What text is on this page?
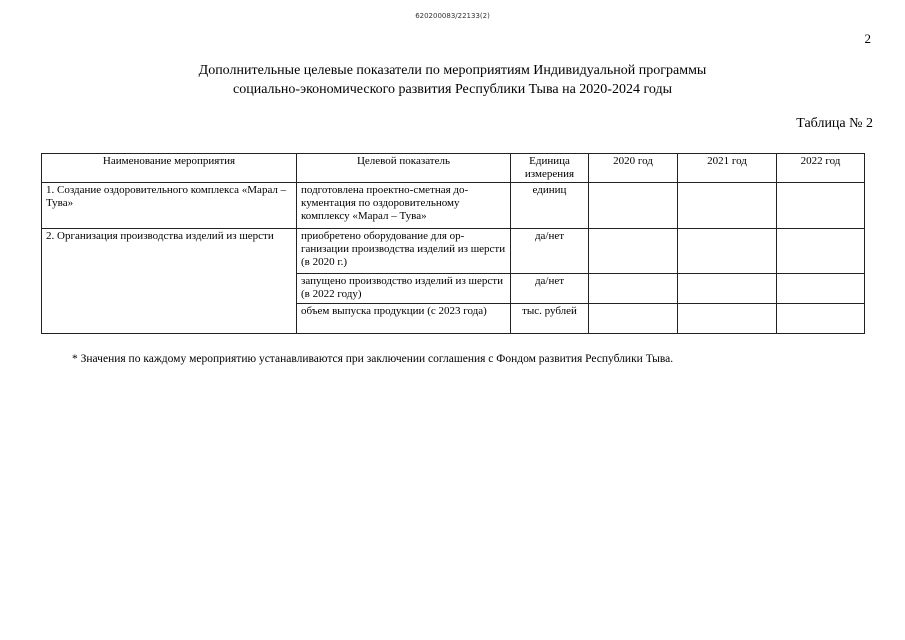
620200083/22133(2)
2
Дополнительные целевые показатели по мероприятиям Индивидуальной программы
социально-экономического развития Республики Тыва на 2020-2024 годы
Таблица № 2
Наименование мероприятия	Целевой показатель	Единица измерения	2020 год	2021 год	2022 год
1. Создание оздоровительного комплекса «Марал – Тува»	подготовлена проектно-сметная до-кументация по оздоровительному комплексу «Марал – Тува»	единиц			
2. Организация производства изделий из шерсти	приобретено оборудование для ор-ганизации производства изделий из шерсти (в 2020 г.)	да/нет			
	запущено производство изделий из шерсти (в 2022 году)	да/нет			
	объем выпуска продукции (с 2023 года)	тыс. рублей			
* Значения по каждому мероприятию устанавливаются при заключении соглашения с Фондом развития Республики Тыва.
